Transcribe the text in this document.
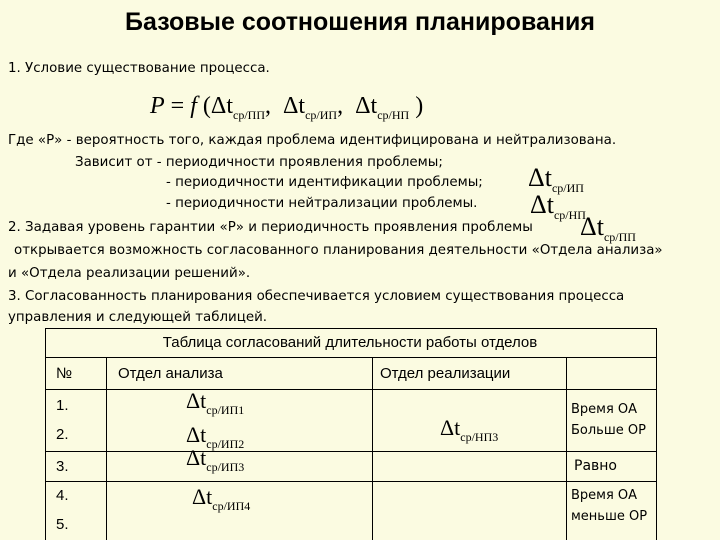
Базовые соотношения планирования
1. Условие существование процесса.
P = f ($\Delta t_{ср/ПП}$, $\Delta t_{ср/ИП}$, $\Delta t_{ср/НП}$ )
Где «Р» - вероятность того, каждая проблема идентифицирована и нейтрализована.
Зависит от - периодичности проявления проблемы;
- периодичности идентификации проблемы;
- периодичности нейтрализации проблемы.
$\Delta t_{ср/ИП}$
$\Delta t_{ср/НП}$
2. Задавая уровень гарантии «Р» и периодичность проявления проблемы $\Delta t_{ср/ПП}$
открывается возможность согласованного планирования деятельности «Отдела анализа»
и «Отдела реализации решений».
3. Согласованность планирования обеспечивается условием существования процесса
управления и следующей таблицей.
Таблица согласований длительности работы отделов
№	Отдел анализа	Отдел реализации
1.
2.
3.
4.
5.
$\Delta t_{ср/ИП1}$
$\Delta t_{ср/ИП2}$
$\Delta t_{ср/ИП3}$
$\Delta t_{ср/ИП4}$
$\Delta t_{ср/НП3}$
Время ОА
Больше ОР
Равно
Время ОА
меньше ОР
